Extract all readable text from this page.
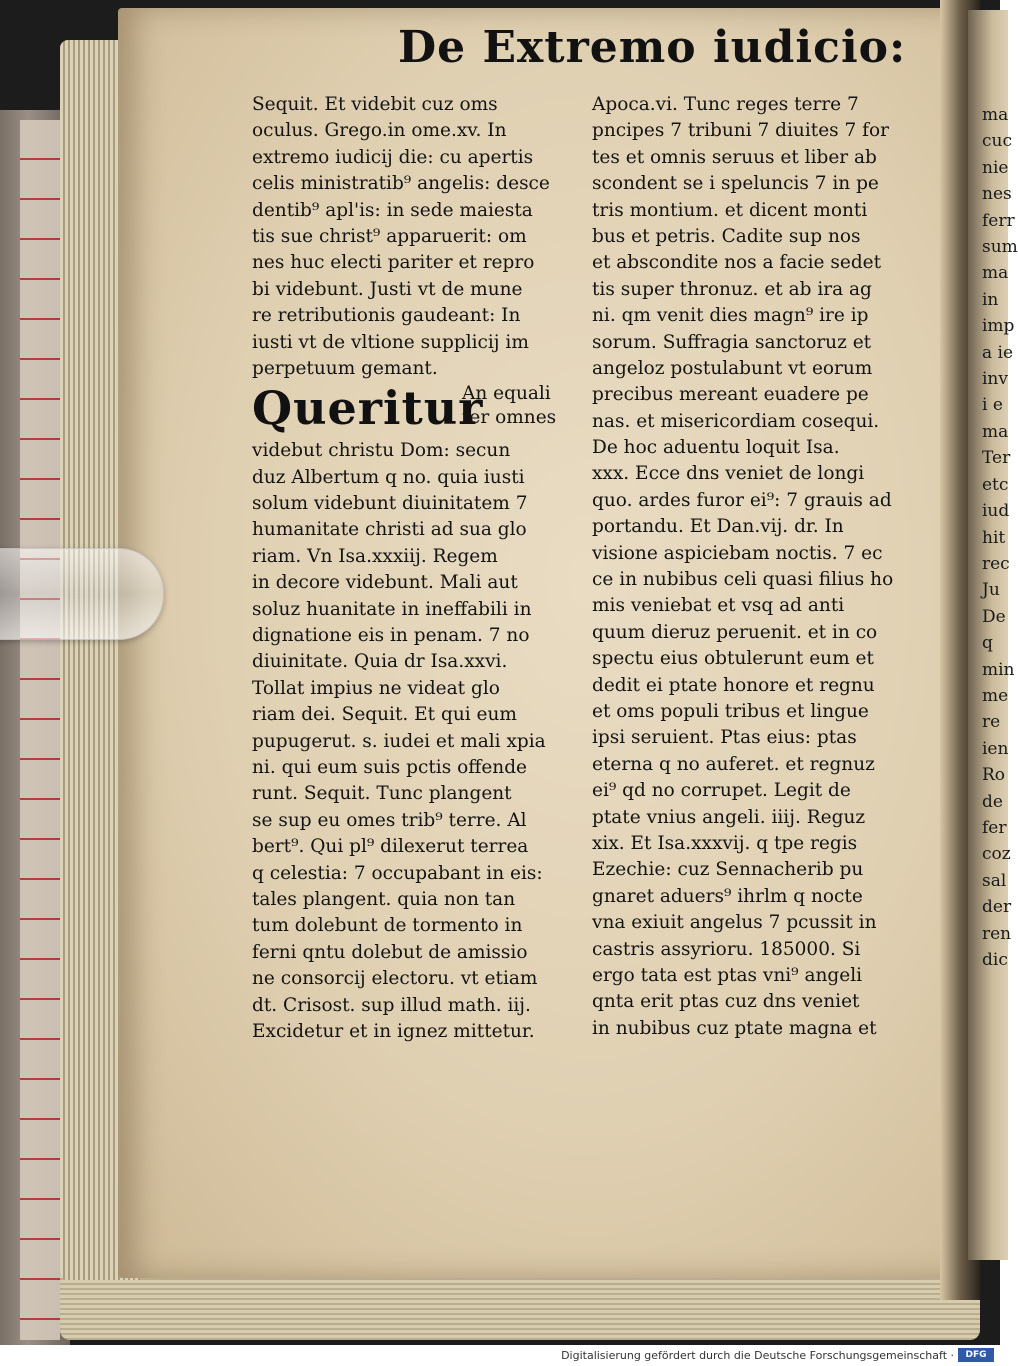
De Extremo iudicio:
Sequit. Et videbit cuz oms
oculus. Grego.in ome.xv. In
extremo iudicij die: cu apertis
celis ministratib⁹ angelis: desce
dentib⁹ apl'is: in sede maiesta
tis sue christ⁹ apparuerit: om
nes huc electi pariter et repro
bi videbunt. Justi vt de mune
re retributionis gaudeant: In
iusti vt de vltione supplicij im
perpetuum gemant.
Queritur
An equali
ter omnes
videbut christu Dom: secun
duz Albertum q no. quia iusti
solum videbunt diuinitatem 7
humanitate christi ad sua glo
riam. Vn Isa.xxxiij. Regem
in decore videbunt. Mali aut
soluz huanitate in ineffabili in
dignatione eis in penam. 7 no
diuinitate. Quia dr Isa.xxvi.
Tollat impius ne videat glo
riam dei. Sequit. Et qui eum
pupugerut. s. iudei et mali xpia
ni. qui eum suis pctis offende
runt. Sequit. Tunc plangent
se sup eu omes trib⁹ terre. Al
bert⁹. Qui pl⁹ dilexerut terrea
q celestia: 7 occupabant in eis:
tales plangent. quia non tan
tum dolebunt de tormento in
ferni qntu dolebut de amissio
ne consorcij electoru. vt etiam
dt. Crisost. sup illud math. iij.
Excidetur et in ignez mittetur.
Apoca.vi. Tunc reges terre 7
pncipes 7 tribuni 7 diuites 7 for
tes et omnis seruus et liber ab
scondent se i speluncis 7 in pe
tris montium. et dicent monti
bus et petris. Cadite sup nos
et abscondite nos a facie sedet
tis super thronuz. et ab ira ag
ni. qm venit dies magn⁹ ire ip
sorum. Suffragia sanctoruz et
angeloz postulabunt vt eorum
precibus mereant euadere pe
nas. et misericordiam cosequi.
De hoc aduentu loquit Isa.
xxx. Ecce dns veniet de longi
quo. ardes furor ei⁹: 7 grauis ad
portandu. Et Dan.vij. dr. In
visione aspiciebam noctis. 7 ec
ce in nubibus celi quasi filius ho
mis veniebat et vsq ad anti
quum dieruz peruenit. et in co
spectu eius obtulerunt eum et
dedit ei ptate honore et regnu
et oms populi tribus et lingue
ipsi seruient. Ptas eius: ptas
eterna q no auferet. et regnuz
ei⁹ qd no corrupet. Legit de
ptate vnius angeli. iiij. Reguz
xix. Et Isa.xxxvij. q tpe regis
Ezechie: cuz Sennacherib pu
gnaret aduers⁹ ihrlm q nocte
vna exiuit angelus 7 pcussit in
castris assyrioru. 185000. Si
ergo tata est ptas vni⁹ angeli
qnta erit ptas cuz dns veniet
in nubibus cuz ptate magna et
ma
cuc
nie
nes
ferr
sum
ma
in
imp
a ie
inv
i e
ma
Ter
etc
iud
hit
rec
Ju
De
q
min
me
re
ien
Ro
de
fer
coz
sal
der
ren
dic
Digitalisierung gefördert durch die Deutsche Forschungsgemeinschaft ·	DFG
